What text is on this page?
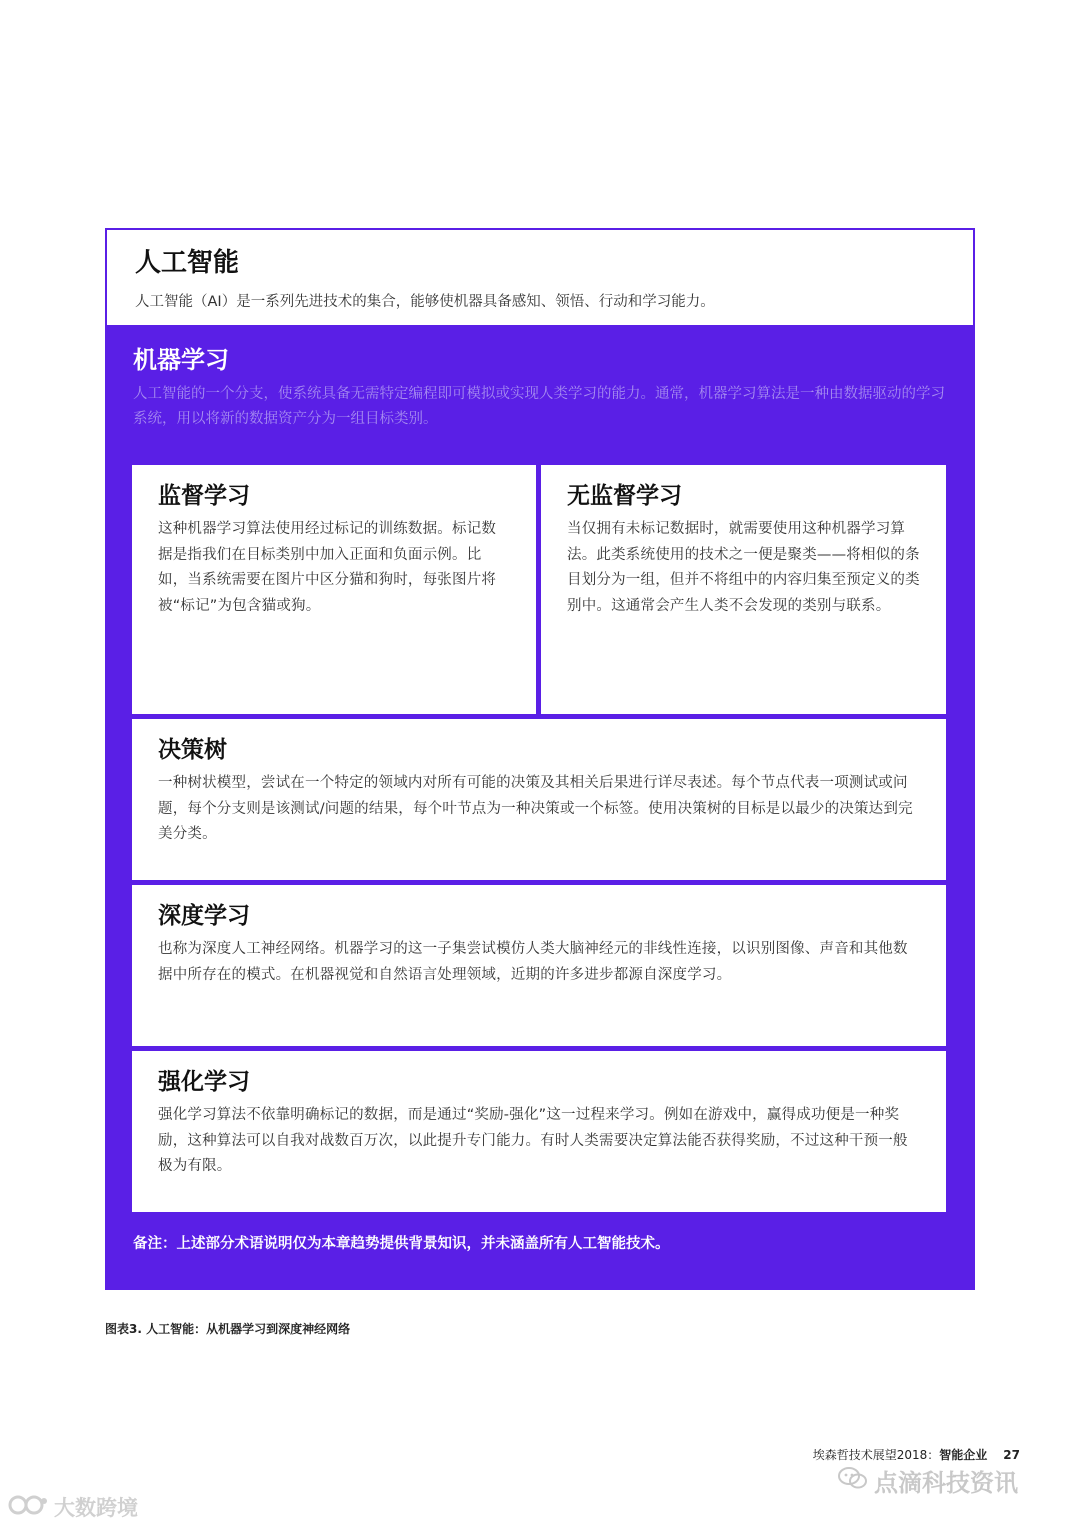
人工智能
人工智能（AI）是一系列先进技术的集合，能够使机器具备感知、领悟、行动和学习能力。
机器学习
人工智能的一个分支，使系统具备无需特定编程即可模拟或实现人类学习的能力。通常，机器学习算法是一种由数据驱动的学习系统，用以将新的数据资产分为一组目标类别。
监督学习
这种机器学习算法使用经过标记的训练数据。标记数据是指我们在目标类别中加入正面和负面示例。比如，当系统需要在图片中区分猫和狗时，每张图片将被“标记”为包含猫或狗。
无监督学习
当仅拥有未标记数据时，就需要使用这种机器学习算法。此类系统使用的技术之一便是聚类——将相似的条目划分为一组，但并不将组中的内容归集至预定义的类别中。这通常会产生人类不会发现的类别与联系。
决策树
一种树状模型，尝试在一个特定的领域内对所有可能的决策及其相关后果进行详尽表述。每个节点代表一项测试或问题，每个分支则是该测试/问题的结果，每个叶节点为一种决策或一个标签。使用决策树的目标是以最少的决策达到完美分类。
深度学习
也称为深度人工神经网络。机器学习的这一子集尝试模仿人类大脑神经元的非线性连接，以识别图像、声音和其他数据中所存在的模式。在机器视觉和自然语言处理领域，近期的许多进步都源自深度学习。
强化学习
强化学习算法不依靠明确标记的数据，而是通过“奖励-强化”这一过程来学习。例如在游戏中，赢得成功便是一种奖励，这种算法可以自我对战数百万次，以此提升专门能力。有时人类需要决定算法能否获得奖励，不过这种干预一般极为有限。
备注：上述部分术语说明仅为本章趋势提供背景知识，并未涵盖所有人工智能技术。
图表3. 人工智能：从机器学习到深度神经网络
埃森哲技术展望2018：智能企业 27
点滴科技资讯
大数跨境
